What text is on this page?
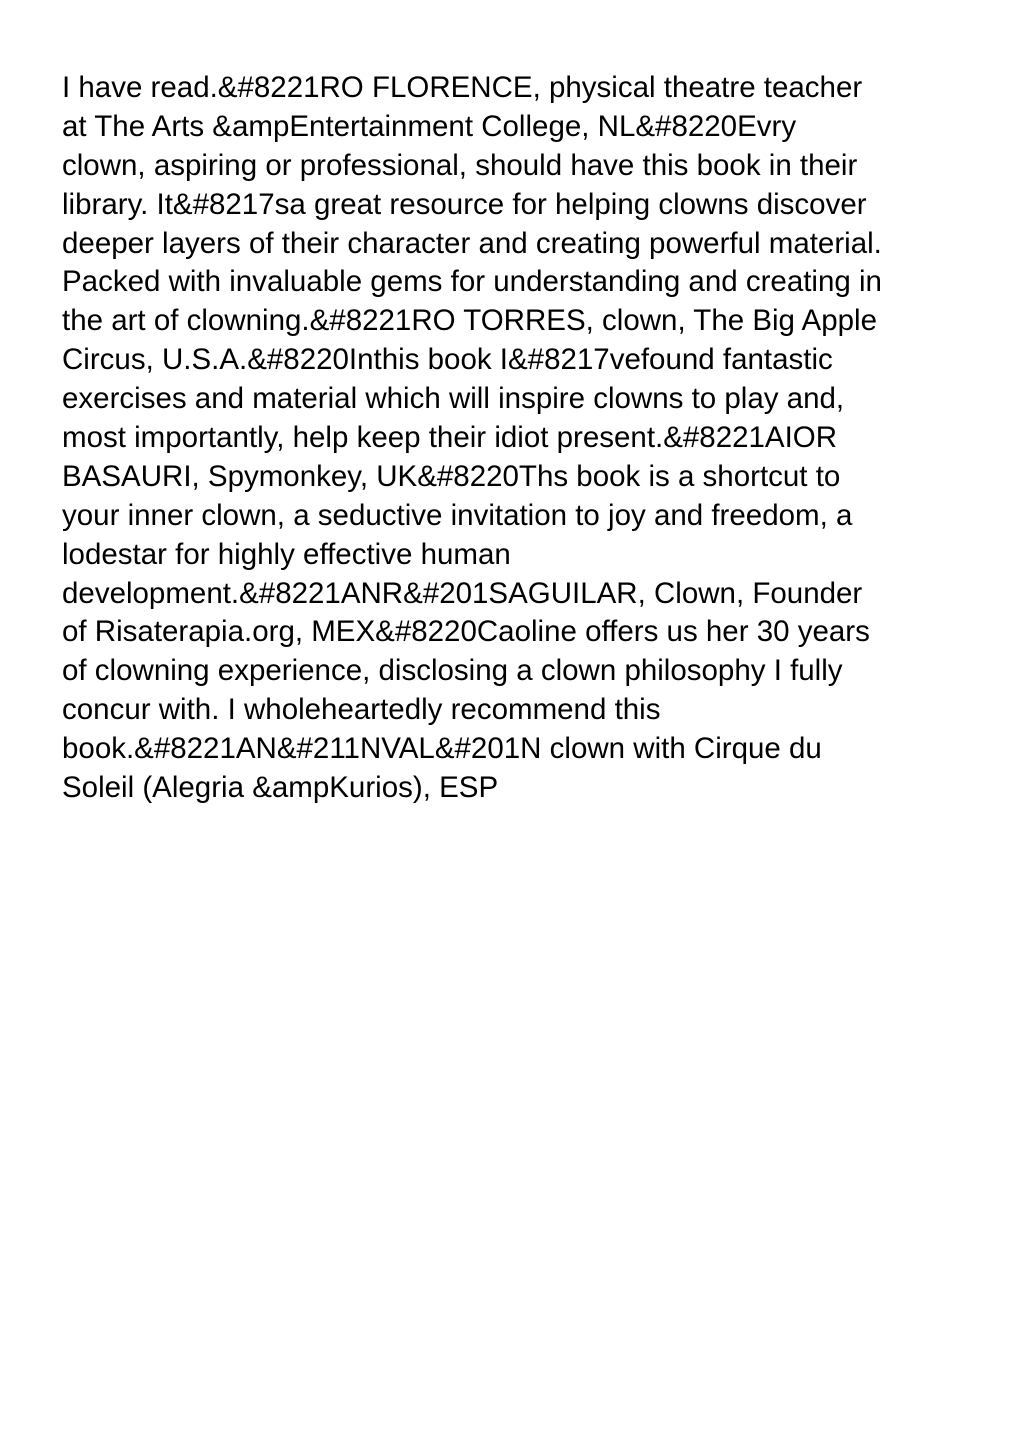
I have read.&#8221RO FLORENCE, physical theatre teacher
at The Arts &ampEntertainment College, NL&#8220Evry
clown, aspiring or professional, should have this book in their
library. It&#8217sa great resource for helping clowns discover
deeper layers of their character and creating powerful material.
Packed with invaluable gems for understanding and creating in
the art of clowning.&#8221RO TORRES, clown, The Big Apple
Circus, U.S.A.&#8220Inthis book I&#8217vefound fantastic
exercises and material which will inspire clowns to play and,
most importantly, help keep their idiot present.&#8221AIOR
BASAURI, Spymonkey, UK&#8220Ths book is a shortcut to
your inner clown, a seductive invitation to joy and freedom, a
lodestar for highly effective human
development.&#8221ANR&#201SAGUILAR, Clown, Founder
of Risaterapia.org, MEX&#8220Caoline offers us her 30 years
of clowning experience, disclosing a clown philosophy I fully
concur with. I wholeheartedly recommend this
book.&#8221AN&#211NVAL&#201N clown with Cirque du
Soleil (Alegria &ampKurios), ESP
